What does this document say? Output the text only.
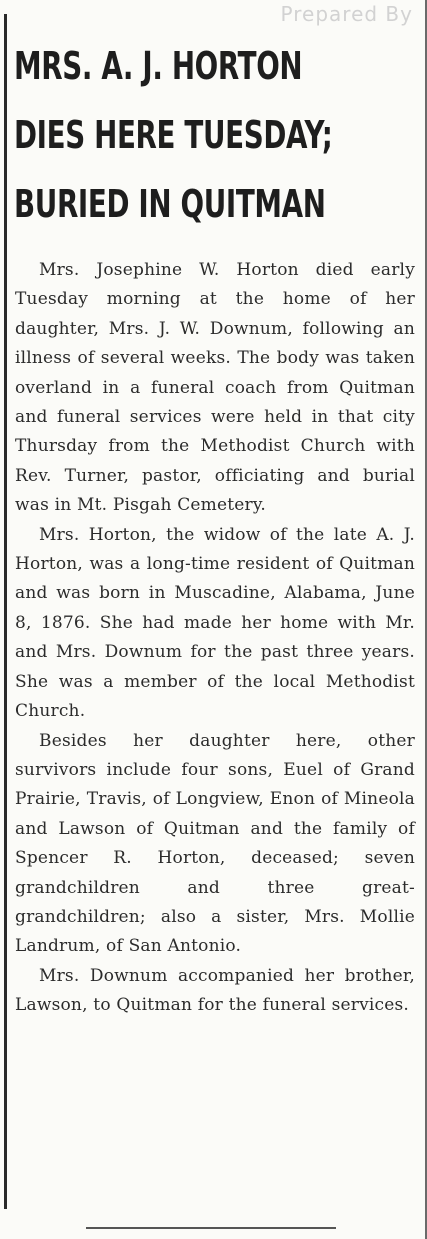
Prepared By
MRS. A. J. HORTON
DIES HERE TUESDAY;
BURIED IN QUITMAN

Mrs. Josephine W. Horton died early Tuesday morning at the home of her daughter, Mrs. J. W. Downum, following an illness of several weeks. The body was taken overland in a funeral coach from Quitman and funeral services were held in that city Thursday from the Methodist Church with Rev. Turner, pastor, officiating and burial was in Mt. Pisgah Cemetery.

Mrs. Horton, the widow of the late A. J. Horton, was a long-time resident of Quitman and was born in Muscadine, Alabama, June 8, 1876. She had made her home with Mr. and Mrs. Downum for the past three years. She was a member of the local Methodist Church.

Besides her daughter here, other survivors include four sons, Euel of Grand Prairie, Travis, of Longview, Enon of Mineola and Lawson of Quitman and the family of Spencer R. Horton, deceased; seven grandchildren and three great-grandchildren; also a sister, Mrs. Mollie Landrum, of San Antonio.

Mrs. Downum accompanied her brother, Lawson, to Quitman for the funeral services.
